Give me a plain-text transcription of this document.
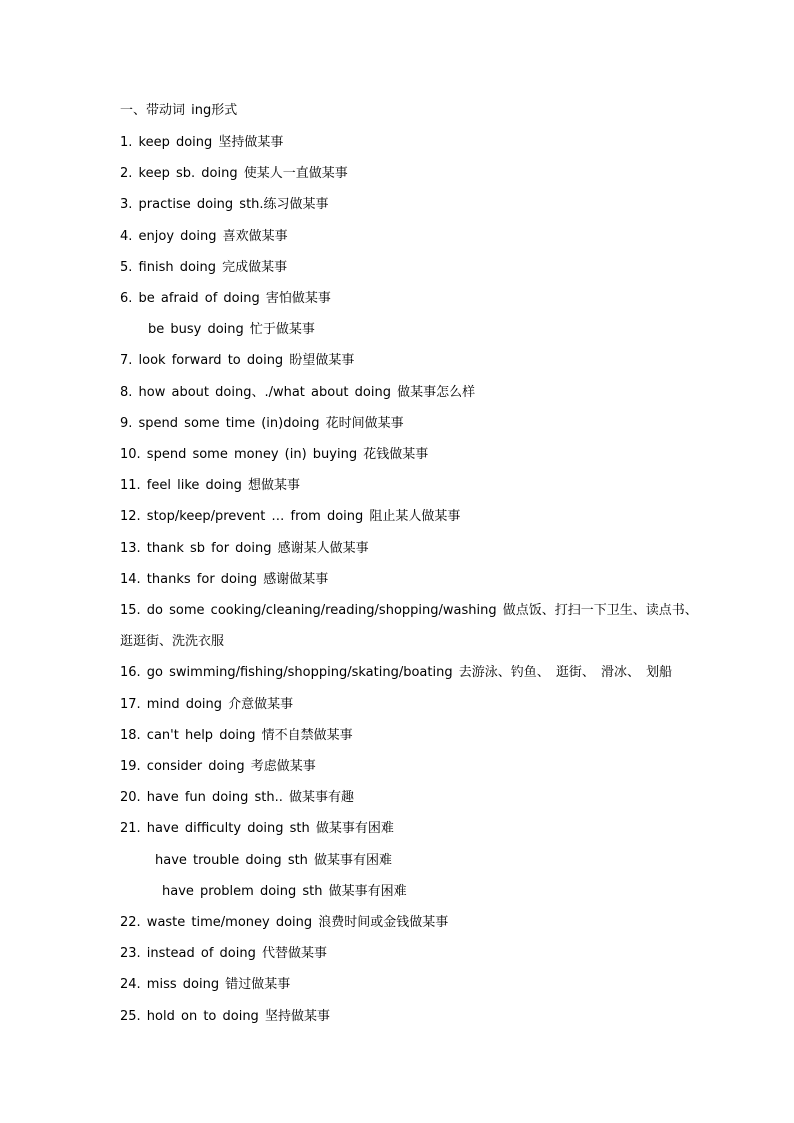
一、带动词 ing形式
1. keep doing 坚持做某事
2. keep sb. doing 使某人一直做某事
3. practise doing sth.练习做某事
4. enjoy doing 喜欢做某事
5. finish doing 完成做某事
6. be afraid of doing 害怕做某事
be busy doing 忙于做某事
7. look forward to doing 盼望做某事
8. how about doing、./what about doing 做某事怎么样
9. spend some time (in)doing 花时间做某事
10. spend some money (in) buying 花钱做某事
11. feel like doing 想做某事
12. stop/keep/prevent … from doing 阻止某人做某事
13. thank sb for doing 感谢某人做某事
14. thanks for doing 感谢做某事
15. do some cooking/cleaning/reading/shopping/washing 做点饭、打扫一下卫生、读点书、
逛逛街、洗洗衣服
16. go swimming/fishing/shopping/skating/boating 去游泳、钓鱼、 逛街、 滑冰、 划船
17. mind doing 介意做某事
18. can't help doing 情不自禁做某事
19. consider doing 考虑做某事
20. have fun doing sth.. 做某事有趣
21. have difficulty doing sth 做某事有困难
have trouble doing sth 做某事有困难
have problem doing sth 做某事有困难
22. waste time/money doing 浪费时间或金钱做某事
23. instead of doing 代替做某事
24. miss doing 错过做某事
25. hold on to doing 坚持做某事
